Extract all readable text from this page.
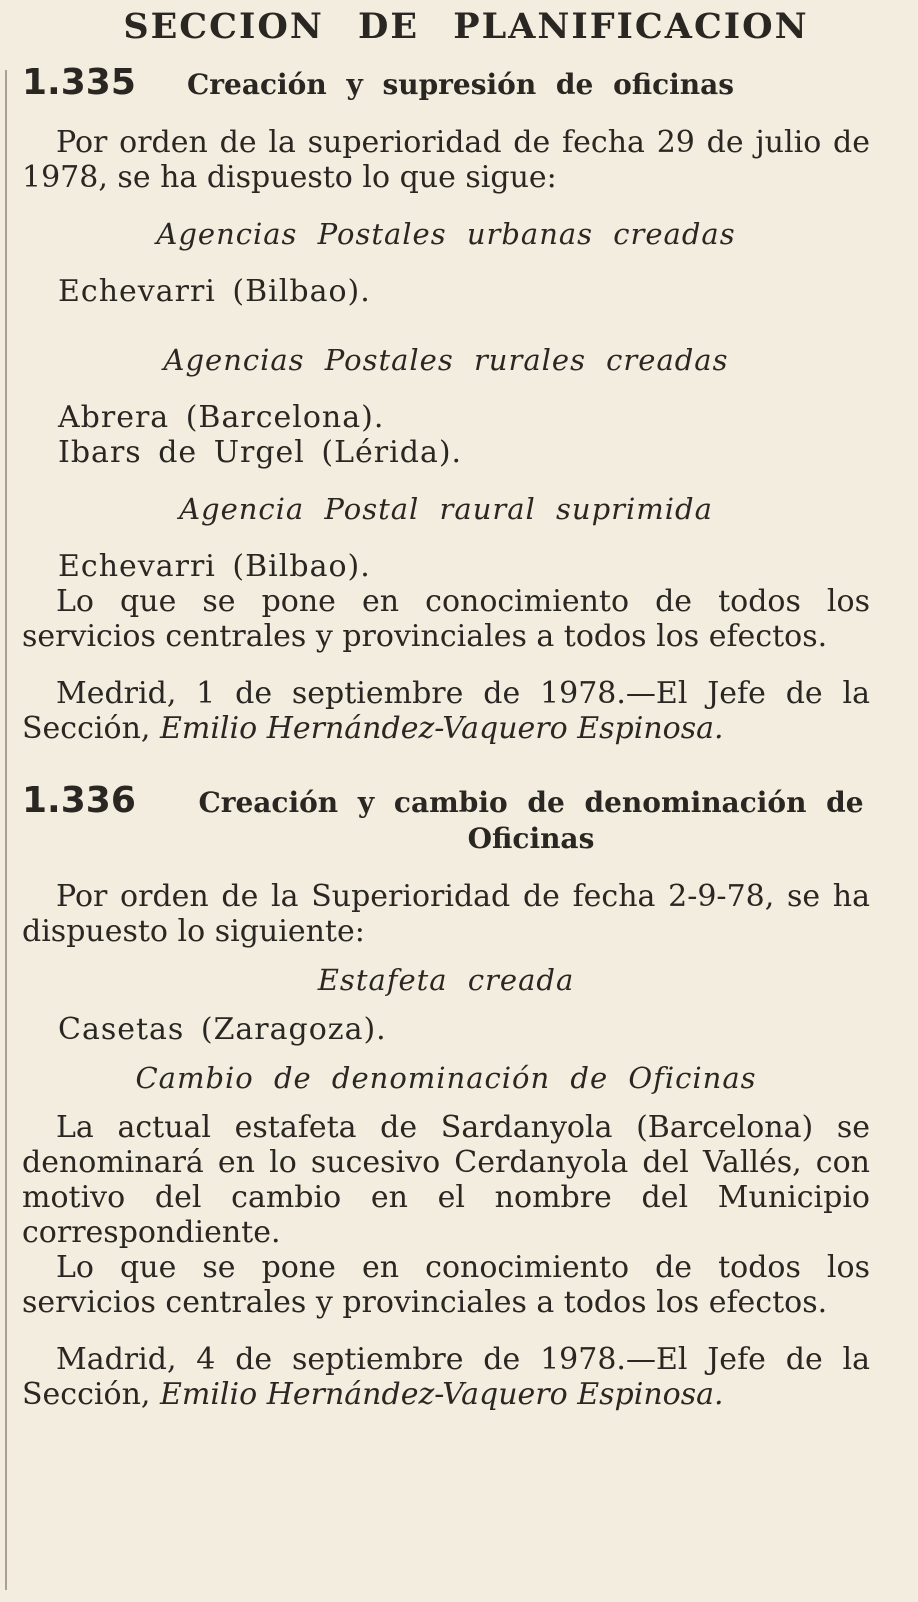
SECCION DE PLANIFICACION
1.335	Creación y supresión de oficinas

Por orden de la superioridad de fecha 29 de julio de 1978, se ha dispuesto lo que sigue:

Agencias Postales urbanas creadas

Echevarri (Bilbao).

Agencias Postales rurales creadas

Abrera (Barcelona).
Ibars de Urgel (Lérida).

Agencia Postal raural suprimida

Echevarri (Bilbao).

Lo que se pone en conocimiento de todos los servicios centrales y provinciales a todos los efectos.

Medrid, 1 de septiembre de 1978.—El Jefe de la Sección, Emilio Hernández-Vaquero Espinosa.

1.336	Creación y cambio de denominación de Oficinas

Por orden de la Superioridad de fecha 2-9-78, se ha dispuesto lo siguiente:

Estafeta creada

Casetas (Zaragoza).

Cambio de denominación de Oficinas

La actual estafeta de Sardanyola (Barcelona) se denominará en lo sucesivo Cerdanyola del Vallés, con motivo del cambio en el nombre del Municipio correspondiente.

Lo que se pone en conocimiento de todos los servicios centrales y provinciales a todos los efectos.

Madrid, 4 de septiembre de 1978.—El Jefe de la Sección, Emilio Hernández-Vaquero Espinosa.
